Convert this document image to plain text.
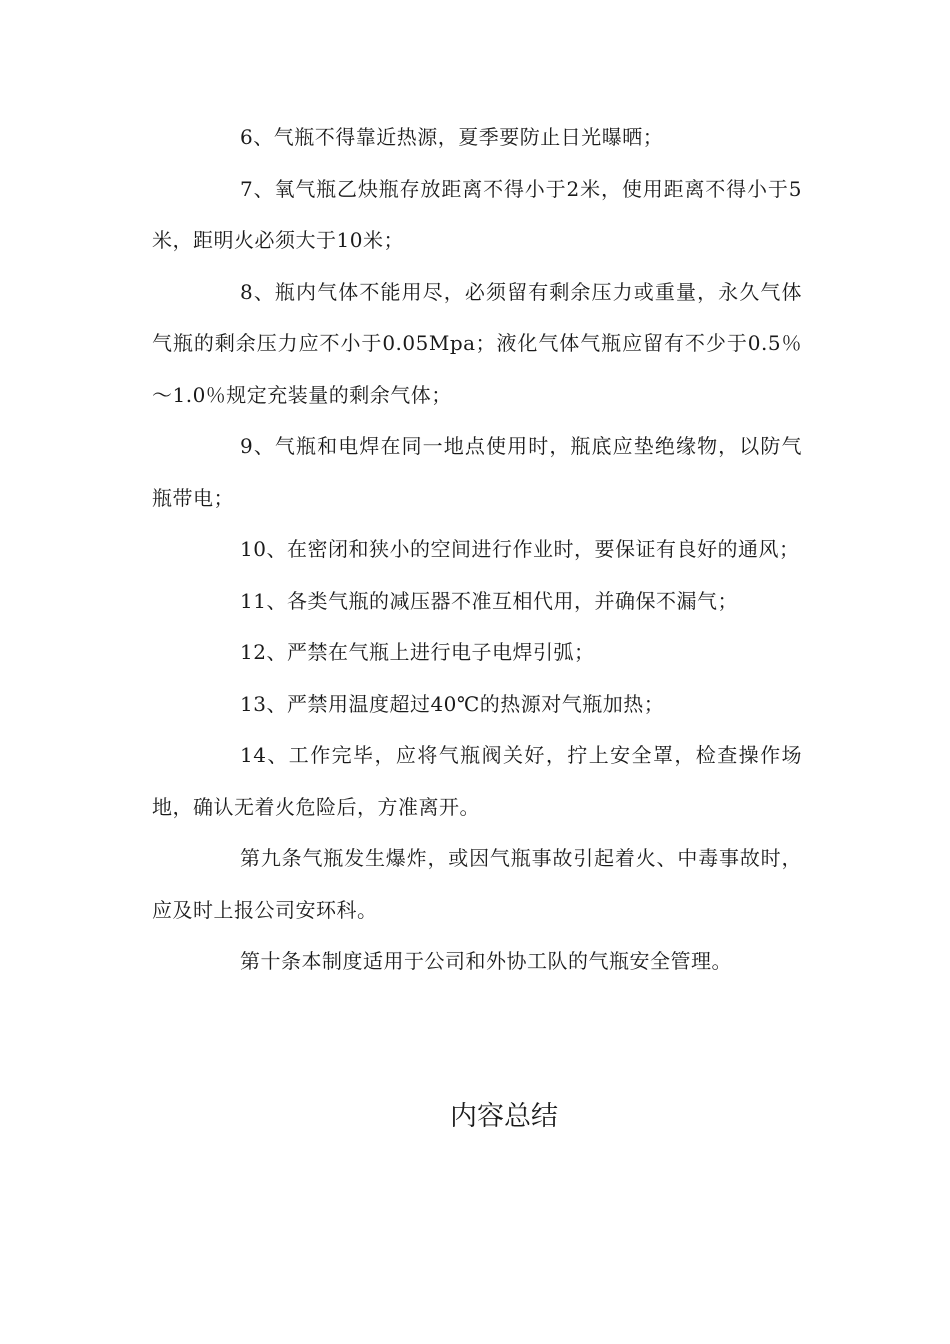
6、气瓶不得靠近热源，夏季要防止日光曝晒；

7、氧气瓶乙炔瓶存放距离不得小于2米，使用距离不得小于5米，距明火必须大于10米；

8、瓶内气体不能用尽，必须留有剩余压力或重量，永久气体气瓶的剩余压力应不小于0.05Mpa；液化气体气瓶应留有不少于0.5％～1.0％规定充装量的剩余气体；

9、气瓶和电焊在同一地点使用时，瓶底应垫绝缘物，以防气瓶带电；

10、在密闭和狭小的空间进行作业时，要保证有良好的通风；

11、各类气瓶的减压器不准互相代用，并确保不漏气；

12、严禁在气瓶上进行电子电焊引弧；

13、严禁用温度超过40℃的热源对气瓶加热；

14、工作完毕，应将气瓶阀关好，拧上安全罩，检查操作场地，确认无着火危险后，方准离开。

第九条气瓶发生爆炸，或因气瓶事故引起着火、中毒事故时，应及时上报公司安环科。

第十条本制度适用于公司和外协工队的气瓶安全管理。

内容总结
